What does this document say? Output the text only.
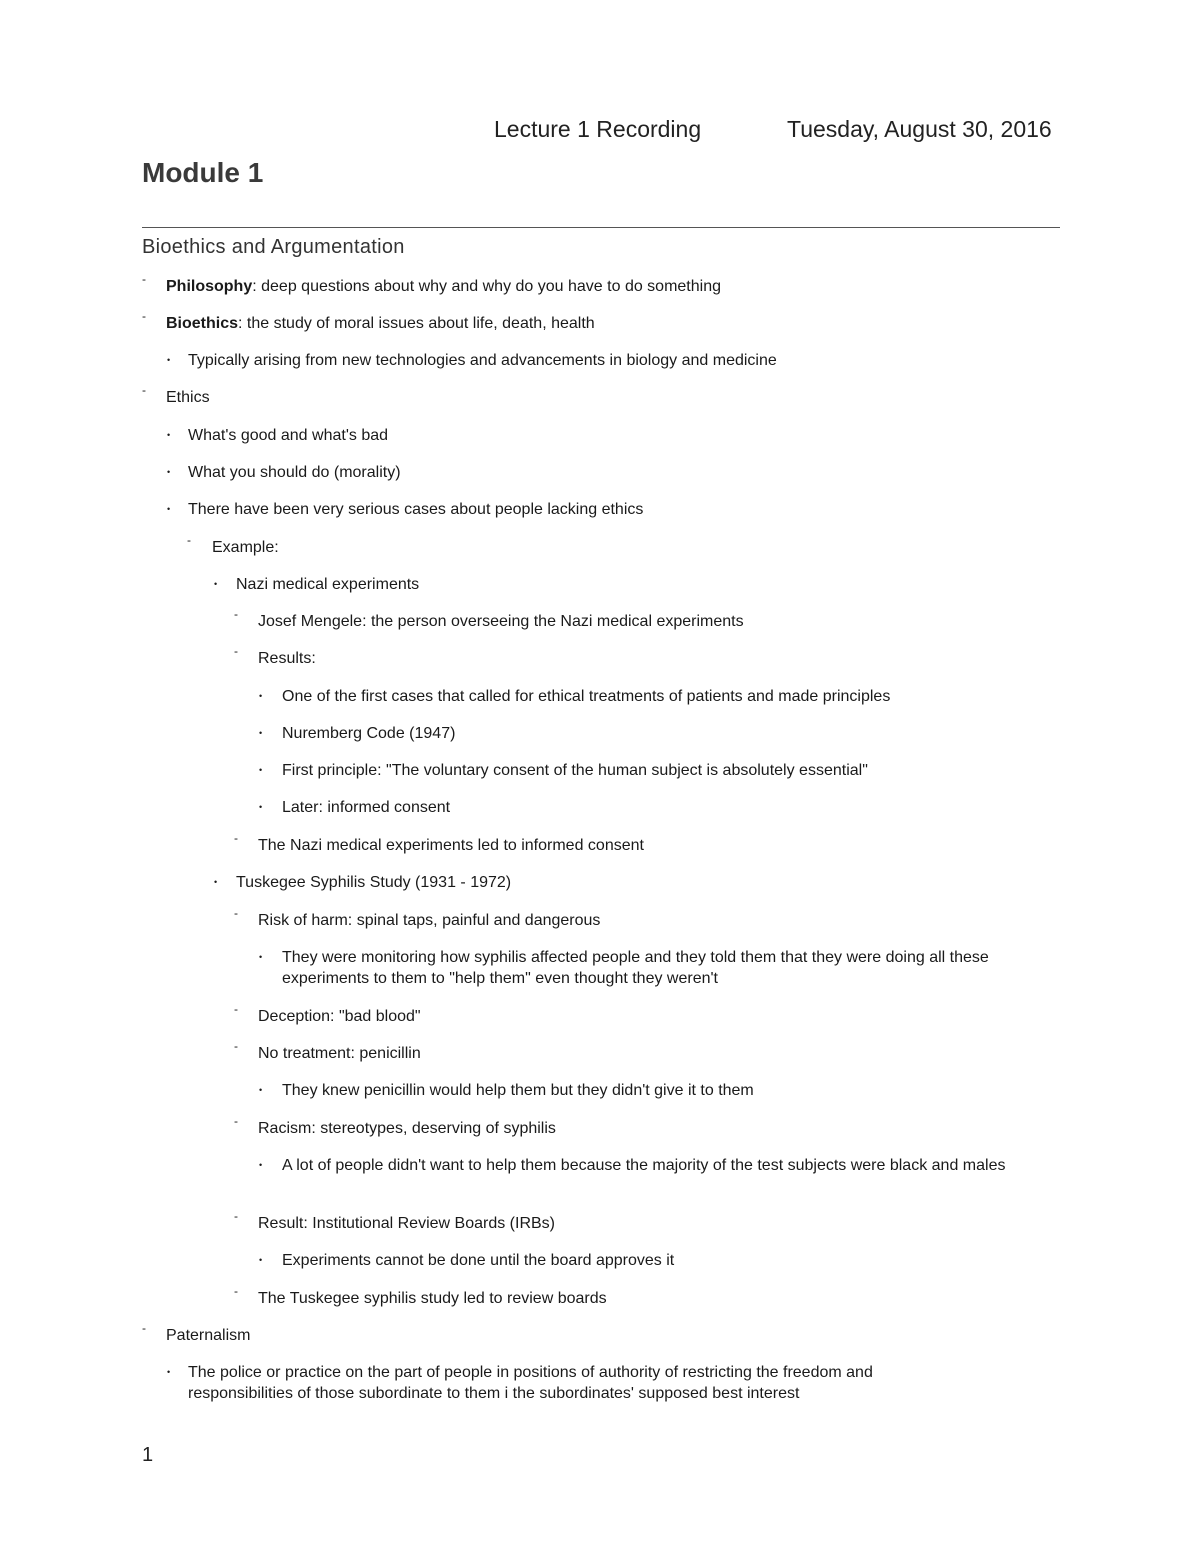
Lecture 1 Recording	Tuesday, August 30, 2016
Module 1
Bioethics and Argumentation
- Philosophy: deep questions about why and why do you have to do something
- Bioethics: the study of moral issues about life, death, health
• Typically arising from new technologies and advancements in biology and medicine
- Ethics
• What's good and what's bad
• What you should do (morality)
• There have been very serious cases about people lacking ethics
- Example:
• Nazi medical experiments
- Josef Mengele: the person overseeing the Nazi medical experiments
- Results:
• One of the first cases that called for ethical treatments of patients and made principles
• Nuremberg Code (1947)
• First principle: "The voluntary consent of the human subject is absolutely essential"
• Later: informed consent
- The Nazi medical experiments led to informed consent
• Tuskegee Syphilis Study (1931 - 1972)
- Risk of harm: spinal taps, painful and dangerous
• They were monitoring how syphilis affected people and they told them that they were doing all these experiments to them to "help them" even thought they weren't
- Deception: "bad blood"
- No treatment: penicillin
• They knew penicillin would help them but they didn't give it to them
- Racism: stereotypes, deserving of syphilis
• A lot of people didn't want to help them because the majority of the test subjects were black and males
- Result: Institutional Review Boards (IRBs)
• Experiments cannot be done until the board approves it
- The Tuskegee syphilis study led to review boards
- Paternalism
• The police or practice on the part of people in positions of authority of restricting the freedom and responsibilities of those subordinate to them i the subordinates' supposed best interest
1
